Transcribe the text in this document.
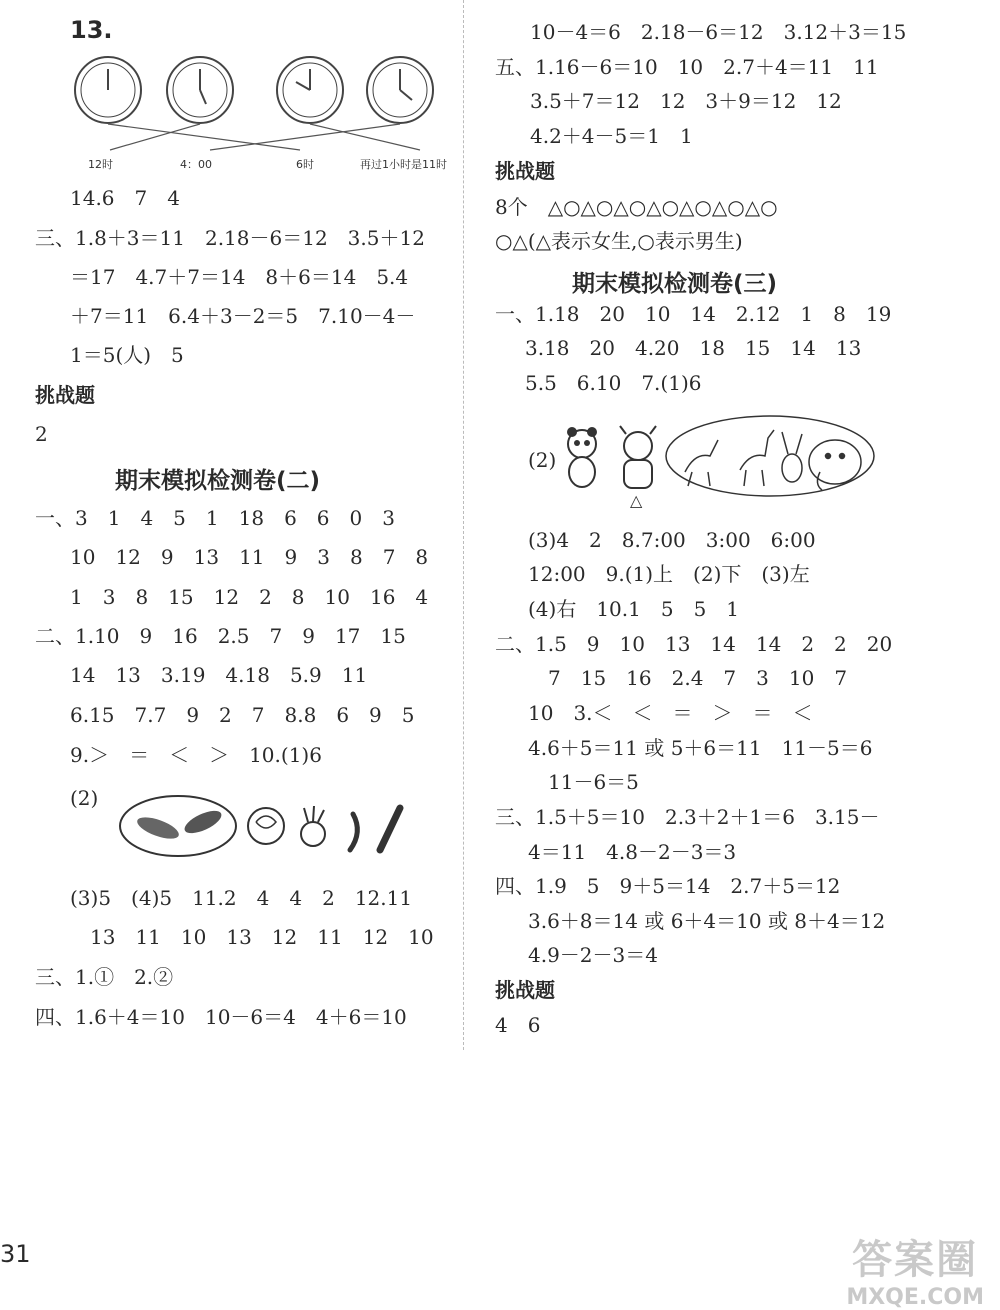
13.
12时	4：00	6时	再过1小时是11时
14.6　7　4
三、1.8＋3＝11　2.18－6＝12　3.5＋12
＝17　4.7＋7＝14　8＋6＝14　5.4
＋7＝11　6.4＋3－2＝5　7.10－4－
1＝5(人)　5
挑战题
2
期末模拟检测卷(二)
一、3　1　4　5　1　18　6　6　0　3
10　12　9　13　11　9　3　8　7　8
1　3　8　15　12　2　8　10　16　4
二、1.10　9　16　2.5　7　9　17　15
14　13　3.19　4.18　5.9　11
6.15　7.7　9　2　7　8.8　6　9　5
9.＞　＝　＜　＞　10.(1)6
(2)
(3)5　(4)5　11.2　4　4　2　12.11
13　11　10　13　12　11　12　10
三、1.①　2.②
四、1.6＋4＝10　10－6＝4　4＋6＝10
10－4＝6　2.18－6＝12　3.12＋3＝15
五、1.16－6＝10　10　2.7＋4＝11　11
3.5＋7＝12　12　3＋9＝12　12
4.2＋4－5＝1　1
挑战题
8个　△○△○△○△○△○△○△○
○△(△表示女生,○表示男生)
期末模拟检测卷(三)
一、1.18　20　10　14　2.12　1　8　19
3.18　20　4.20　18　15　14　13
5.5　6.10　7.(1)6
(2)
△
(3)4　2　8.7:00　3:00　6:00
12:00　9.(1)上　(2)下　(3)左
(4)右　10.1　5　5　1
二、1.5　9　10　13　14　14　2　2　20
7　15　16　2.4　7　3　10　7
10　3.＜　＜　＝　＞　＝　＜
4.6＋5＝11 或 5＋6＝11　11－5＝6
11－6＝5
三、1.5＋5＝10　2.3＋2＋1＝6　3.15－
4＝11　4.8－2－3＝3
四、1.9　5　9＋5＝14　2.7＋5＝12
3.6＋8＝14 或 6＋4＝10 或 8＋4＝12
4.9－2－3＝4
挑战题
4　6
31	答案圈
MXQE.COM
